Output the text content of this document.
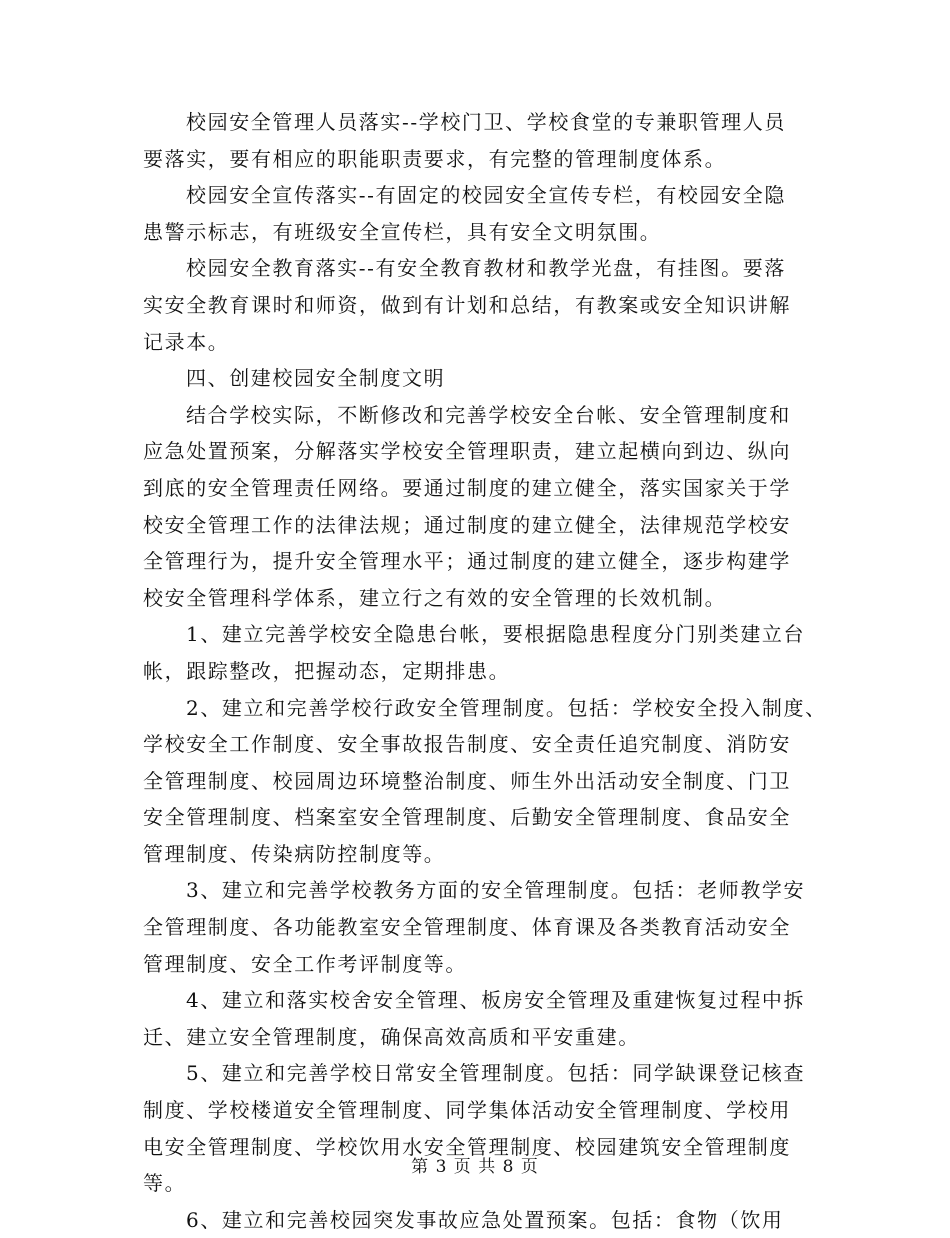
校园安全管理人员落实--学校门卫、学校食堂的专兼职管理人员
要落实，要有相应的职能职责要求，有完整的管理制度体系。
校园安全宣传落实--有固定的校园安全宣传专栏，有校园安全隐
患警示标志，有班级安全宣传栏，具有安全文明氛围。
校园安全教育落实--有安全教育教材和教学光盘，有挂图。要落
实安全教育课时和师资，做到有计划和总结，有教案或安全知识讲解
记录本。
四、创建校园安全制度文明
结合学校实际，不断修改和完善学校安全台帐、安全管理制度和
应急处置预案，分解落实学校安全管理职责，建立起横向到边、纵向
到底的安全管理责任网络。要通过制度的建立健全，落实国家关于学
校安全管理工作的法律法规；通过制度的建立健全，法律规范学校安
全管理行为，提升安全管理水平；通过制度的建立健全，逐步构建学
校安全管理科学体系，建立行之有效的安全管理的长效机制。
1、建立完善学校安全隐患台帐，要根据隐患程度分门别类建立台
帐，跟踪整改，把握动态，定期排患。
2、建立和完善学校行政安全管理制度。包括：学校安全投入制度、
学校安全工作制度、安全事故报告制度、安全责任追究制度、消防安
全管理制度、校园周边环境整治制度、师生外出活动安全制度、门卫
安全管理制度、档案室安全管理制度、后勤安全管理制度、食品安全
管理制度、传染病防控制度等。
3、建立和完善学校教务方面的安全管理制度。包括：老师教学安
全管理制度、各功能教室安全管理制度、体育课及各类教育活动安全
管理制度、安全工作考评制度等。
4、建立和落实校舍安全管理、板房安全管理及重建恢复过程中拆
迁、建立安全管理制度，确保高效高质和平安重建。
5、建立和完善学校日常安全管理制度。包括：同学缺课登记核查
制度、学校楼道安全管理制度、同学集体活动安全管理制度、学校用
电安全管理制度、学校饮用水安全管理制度、校园建筑安全管理制度
等。
6、建立和完善校园突发事故应急处置预案。包括：食物（饮用
第 3 页 共 8 页
